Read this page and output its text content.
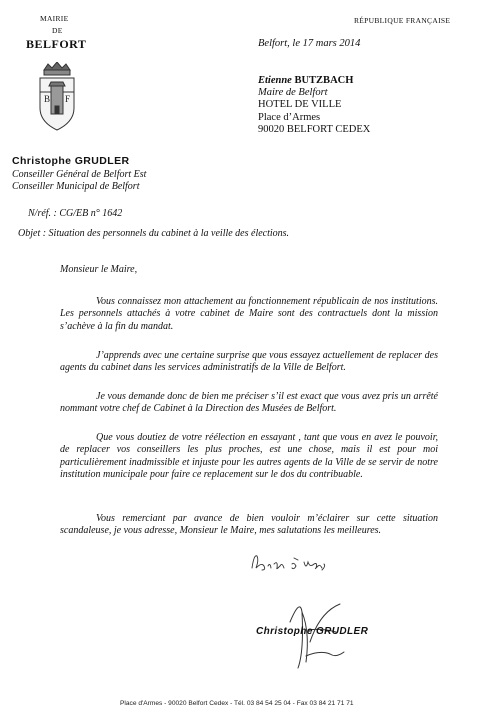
MAIRIE
DE
BELFORT
B F
RÉPUBLIQUE FRANÇAISE
Belfort, le 17 mars 2014
Etienne BUTZBACH
Maire de Belfort
HOTEL DE VILLE
Place d’Armes
90020 BELFORT CEDEX
Christophe GRUDLER
Conseiller Général de Belfort Est
Conseiller Municipal de Belfort
N/réf. : CG/EB n° 1642
Objet : Situation des personnels du cabinet à la veille des élections.
Monsieur le Maire,
Vous connaissez mon attachement au fonctionnement républicain de nos institutions. Les personnels attachés à votre cabinet de Maire sont des contractuels dont la mission s’achève à la fin du mandat.
J’apprends avec une certaine surprise que vous essayez actuellement de replacer des agents du cabinet dans les services administratifs de la Ville de Belfort.
Je vous demande donc de bien me préciser s’il est exact que vous avez pris un arrêté nommant votre chef de Cabinet à la Direction des Musées de Belfort.
Que vous doutiez de votre réélection en essayant , tant que vous en avez le pouvoir, de replacer vos conseillers les plus proches, est une chose, mais il est pour moi particulièrement inadmissible et injuste pour les autres agents de la Ville de se servir de notre institution municipale pour faire ce replacement sur le dos du contribuable.
Vous remerciant par avance de bien vouloir m’éclairer sur cette situation scandaleuse, je vous adresse, Monsieur le Maire, mes salutations les meilleures.
Christophe GRUDLER
Place d'Armes - 90020 Belfort Cedex - Tél. 03 84 54 25 04 - Fax 03 84 21 71 71
